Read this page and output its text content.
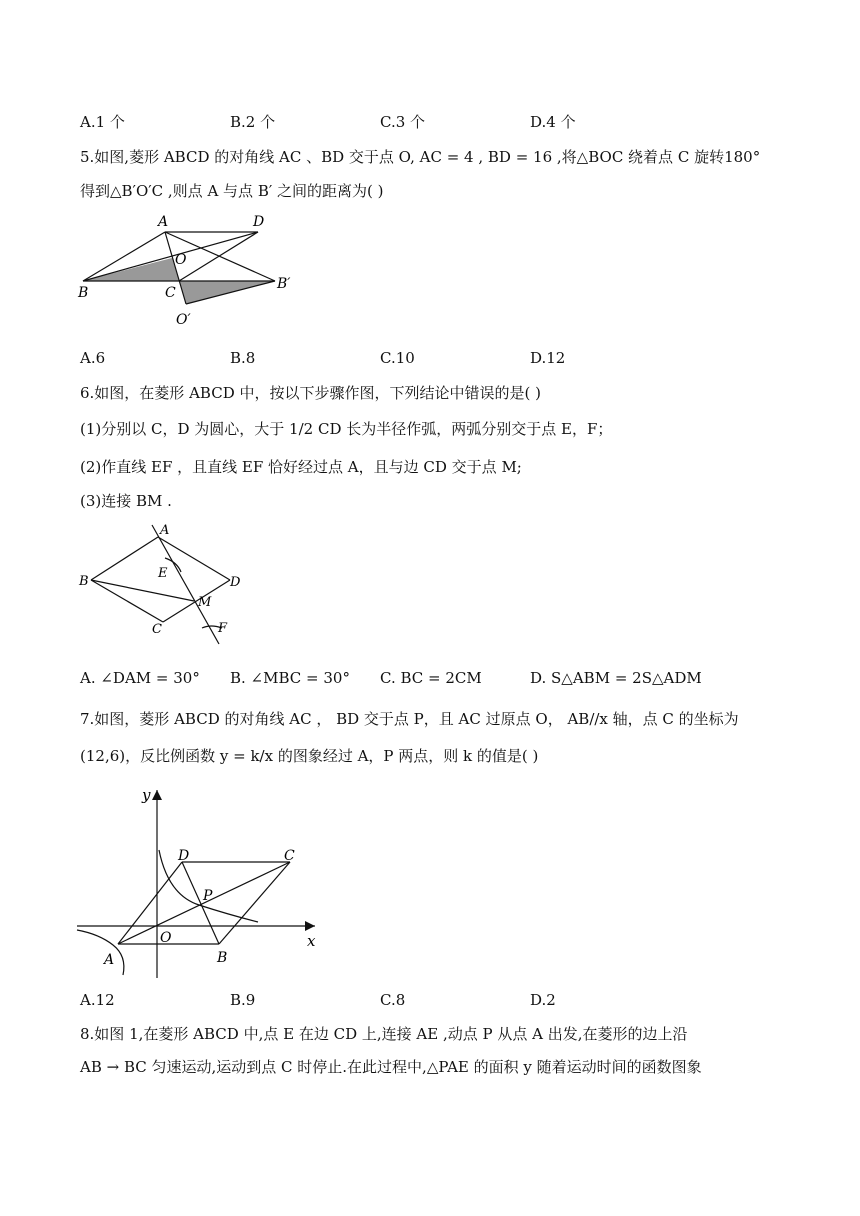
A.1 个	B.2 个	C.3 个	D.4 个
5.如图,菱形 ABCD 的对角线 AC 、BD 交于点 O, AC = 4 , BD = 16 ,将△BOC 绕着点 C 旋转180°
得到△B′O′C ,则点 A 与点 B′ 之间的距离为( )
A	D
O
B	C
B′
O′
A.6	B.8	C.10	D.12
6.如图，在菱形 ABCD 中，按以下步骤作图，下列结论中错误的是( )
(1)分别以 C，D 为圆心，大于 1/2 CD 长为半径作弧，两弧分别交于点 E，F；
(2)作直线 EF ，且直线 EF 恰好经过点 A，且与边 CD 交于点 M;
(3)连接 BM .
A
E
B	D
M
C	F
A. ∠DAM = 30° B. ∠MBC = 30° C. BC = 2CM	D. S△ABM = 2S△ADM
7.如图，菱形 ABCD 的对角线 AC ， BD 交于点 P，且 AC 过原点 O， AB//x 轴，点 C 的坐标为
(12,6)，反比例函数 y = k/x 的图象经过 A，P 两点，则 k 的值是( )
y
x
D	C
P
O
A	B
A.12	B.9	C.8	D.2
8.如图 1,在菱形 ABCD 中,点 E 在边 CD 上,连接 AE ,动点 P 从点 A 出发,在菱形的边上沿
AB → BC 匀速运动,运动到点 C 时停止.在此过程中,△PAE 的面积 y 随着运动时间的函数图象
